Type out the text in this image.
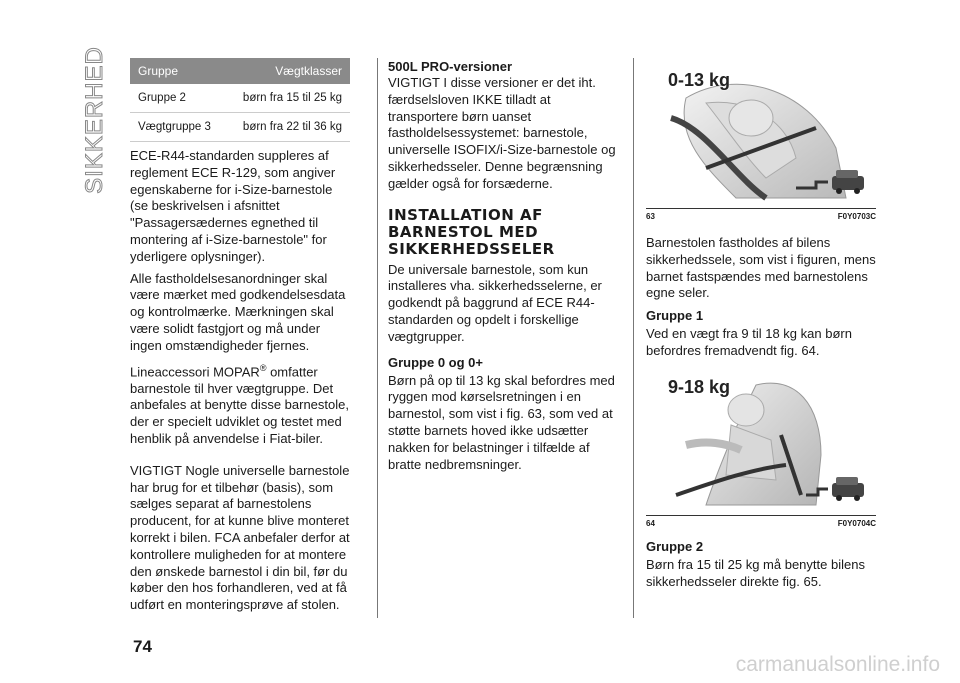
SIKKERHED	Gruppe	Vægtklasser
Gruppe 2	børn fra 15 til 25 kg
Vægtgruppe 3	børn fra 22 til 36 kg

ECE-R44-standarden suppleres af reglement ECE R-129, som angiver egenskaberne for i-Size-barnestole (se beskrivelsen i afsnittet "Passagersædernes egnethed til montering af i-Size-barnestole" for yderligere oplysninger).

Alle fastholdelsesanordninger skal være mærket med godkendelsesdata og kontrolmærke. Mærkningen skal være solidt fastgjort og må under ingen omstændigheder fjernes.

Lineaccessori MOPAR® omfatter barnestole til hver vægtgruppe. Det anbefales at benytte disse barnestole, der er specielt udviklet og testet med henblik på anvendelse i Fiat-biler.

VIGTIGT Nogle universelle barnestole har brug for et tilbehør (basis), som sælges separat af barnestolens producent, for at kunne blive monteret korrekt i bilen. FCA anbefaler derfor at kontrollere muligheden for at montere den ønskede barnestol i din bil, før du køber den hos forhandleren, ved at få udført en monteringsprøve af stolen.

500L PRO-versioner

VIGTIGT I disse versioner er det iht. færdselsloven IKKE tilladt at transportere børn uanset fastholdelsessystemet: barnestole, universelle ISOFIX/i-Size-barnestole og sikkerhedsseler. Denne begrænsning gælder også for forsæderne.

INSTALLATION AF BARNESTOL MED SIKKERHEDSSELER

De universale barnestole, som kun installeres vha. sikkerhedsselerne, er godkendt på baggrund af ECE R44-standarden og opdelt i forskellige vægtgrupper.

Gruppe 0 og 0+

Børn på op til 13 kg skal befordres med ryggen mod kørselsretningen i en barnestol, som vist i fig. 63, som ved at støtte barnets hoved ikke udsætter nakken for belastninger i tilfælde af bratte nedbremsninger.

0-13 kg
63	F0Y0703C

Barnestolen fastholdes af bilens sikkerhedssele, som vist i figuren, mens barnet fastspændes med barnestolens egne seler.

Gruppe 1

Ved en vægt fra 9 til 18 kg kan børn befordres fremadvendt fig. 64.

9-18 kg
64	F0Y0704C
Gruppe 2

Børn fra 15 til 25 kg må benytte bilens sikkerhedsseler direkte fig. 65.

74
carmanualsonline.info
